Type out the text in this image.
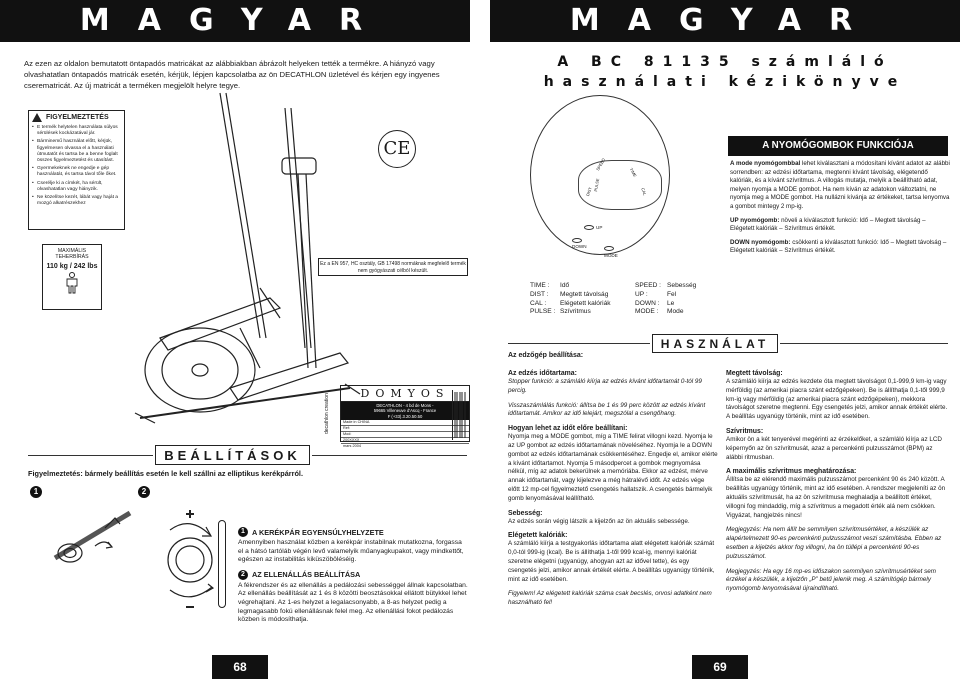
MAGYAR	MAGYAR
Az ezen az oldalon bemutatott öntapadós matricákat az alábbiakban ábrázolt helyeken tették a termékre. A hiányzó vagy olvashatatlan öntapadós matricák esetén, kérjük, lépjen kapcsolatba az ön DECATHLON üzletével és kérjen egy ingyenes cserematricát. Az új matricát a terméken megjelölt helyre tegye.
FIGYELMEZTETÉS
• E termék helytelen használata súlyos sérülések kockázatával jár.
• Bárminemű használat előtt, kérjük, figyelmesen olvassa el a használati útmutatót és tartsa be a benne foglalt összes figyelmeztetést és utasítást.
• Gyermekeknek ne engedje e gép használatát, és tartsa távol tőle őket.
• Cserélje ki a címkét, ha sérült, olvashatatlan vagy hiányzik.
• Ne közelítse kezét, lábát vagy haját a mozgó alkatrészekhez
MAXIMÁLIS
TEHERBÍRÁS
110 kg / 242 lbs
CE
Ez a EN 957, HC osztály, GB 17498 normáknak megfelelő termék nem gyógyászati célból készült.
decathlon creation	DOMYOS
DECATHLON - 4 bd de Mons -
59665 Villeneuve d'Ascq - France
F (+33).3.20.50.50
Made in CHINA
Ref:
Mod:
200XXXX
mars 2004
BEÁLLÍTÁSOK
Figyelmeztetés: bármely beállítás esetén le kell szállni az elliptikus kerékpárról.
1	2
1 A KERÉKPÁR EGYENSÚLYHELYZETE
Amennyiben használat közben a kerékpár instabilnak mutatkozna, forgassa el a hátsó tartóláb végén levő valamelyik műanyagkupakot, vagy mindkettőt, egészen az instabilitás kiküszöböléséig.
2 AZ ELLENÁLLÁS BEÁLLÍTÁSA
A fékrendszer és az ellenállás a pedálozási sebességgel állnak kapcsolatban. Az ellenállás beállítását az 1 és 8 közötti beosztásokkal ellátott bütykkel lehet végrehajtani. Az 1-es helyzet a legalacsonyabb, a 8-as helyzet pedig a legmagasabb fokú ellenállásnak felel meg. Az ellenállási fokot pedálozás közben is módosíthatja.
68	69
A BC 81135 számláló
használati kézikönyve
DIST
SPEED
TIME
CAL
PULSE
UP
DOWN
MODE
TIME :	Idő	SPEED : Sebesség
DIST :	Megtett távolság	UP :	Fel
CAL :	Elégetett kalóriák	DOWN :	Le
PULSE : Szívritmus	MODE :	Mode
A NYOMÓGOMBOK FUNKCIÓJA

A mode nyomógombbal lehet kiválasztani a módosítani kívánt adatot az alábbi sorrendben: az edzési időtartama, megtenni kívánt távolság, elégetendő kalóriák, és a kívánt szívritmus. A villogás mutatja, melyik a beállítható adat, melyen nyomja a MODE gombot. Ha nem kíván az adatokon változtatni, ne nyomja meg a MODE gombot. Ha nullázni kívánja az értékeket, tartsa lenyomva a gombot mintegy 2 mp-ig.

UP nyomógomb: növeli a kiválasztott funkció: Idő – Megtett távolság – Elégetett kalóriák – Szívritmus értékét.

DOWN nyomógomb: csökkenti a kiválasztott funkció: Idő – Megtett távolság – Elégetett kalóriák – Szívritmus értékét.

HASZNÁLAT
Az edzőgép beállítása:
Az edzés időtartama:
Stopper funkció: a számláló kiírja az edzés kívánt időtartamát 0-tól 99 percig.
Visszaszámlálás funkció: állítsa be 1 és 99 perc között az edzés kívánt időtartamát. Amikor az idő lelejárt, megszólal a csengőhang.
Hogyan lehet az időt előre beállítani:
Nyomja meg a MODE gombot, míg a TIME felirat villogni kezd. Nyomja le az UP gombot az edzés időtartamának növeléséhez. Nyomja le a DOWN gombot az edzés időtartamának csökkentéséhez. Engedje el, amikor elérte a kívánt időtartamot. Nyomja 5 másodpercet a gombok megnyomása nélkül, míg az adatok bekerülnek a memóriába. Ekkor az edzést, mérve annak időtartamát, vagy kijelezve a még hátralévő időt. Az edzés vége előtt 12 mp-cel figyelmeztető csengetés hallatszik. A csengetés bármelyik gomb lenyomásával leállítható.
Sebesség:
Az edzés során végig látszik a kijelzőn az ön aktuális sebessége.
Elégetett kalóriák:
A számláló kiírja a testgyakorlás időtartama alatt elégetett kalóriák számát 0,0-tól 999-ig (kcal). Be is állíthatja 1-től 999 kcal-ig, mennyi kalóriát szeretne elégetni (ugyanúgy, ahogyan azt az idővel tette), és egy csengetés jelzi, amikor annak értékét elérte. A beállítás ugyanúgy történik, mint az idő esetében.
Figyelem! Az elégetett kalóriák száma csak becslés, orvosi adatként nem használható fel!
Megtett távolság:
A számláló kiírja az edzés kezdete óta megtett távolságot 0,1-999,9 km-ig vagy mérföldig (az amerikai piacra szánt edzőgépeken). Be is állíthatja 0,1-től 999,9 km-ig vagy mérföldig (az amerikai piacra szánt edzőgépeken), mekkora távolságot szeretne megtenni. Egy csengetés jelzi, amikor annak értékét elérte. A beállítás ugyanúgy történik, mint az idő esetében.
Szívritmus:
Amikor ön a két tenyerével megérinti az érzékelőket, a számláló kiírja az LCD képernyőn az ön szívritmusát, azaz a percenkénti pulzusszámot (BPM) az alábbi ritmusban.
A maximális szívritmus meghatározása:
Állítsa be az elérendő maximális pulzusszámot percenként 90 és 240 között. A beállítás ugyanúgy történik, mint az idő esetében. A rendszer megjeleníti az ön aktuális szívritmusát, ha az ön szívritmusa meghaladja a beállított értéket, villogni fog mindaddig, míg a szívritmus a megadott érték alá nem csökken. Vigyázat, hangjelzés nincs!
Megjegyzés: Ha nem állít be semmilyen szívritmusértéket, a készülék az alapértelmezett 90-es percenkénti pulzusszámot veszi számításba. Ebben az esetben a kijelzés akkor fog villogni, ha ön túllépi a percenkénti 90-es pulzusszámot.
Megjegyzés: Ha egy 16 mp-es időszakon semmilyen szívritmusértéket sem érzékel a készülék, a kijelzőn „P” betű jelenik meg. A számítógép bármely nyomógomb lenyomásával újraindítható.
